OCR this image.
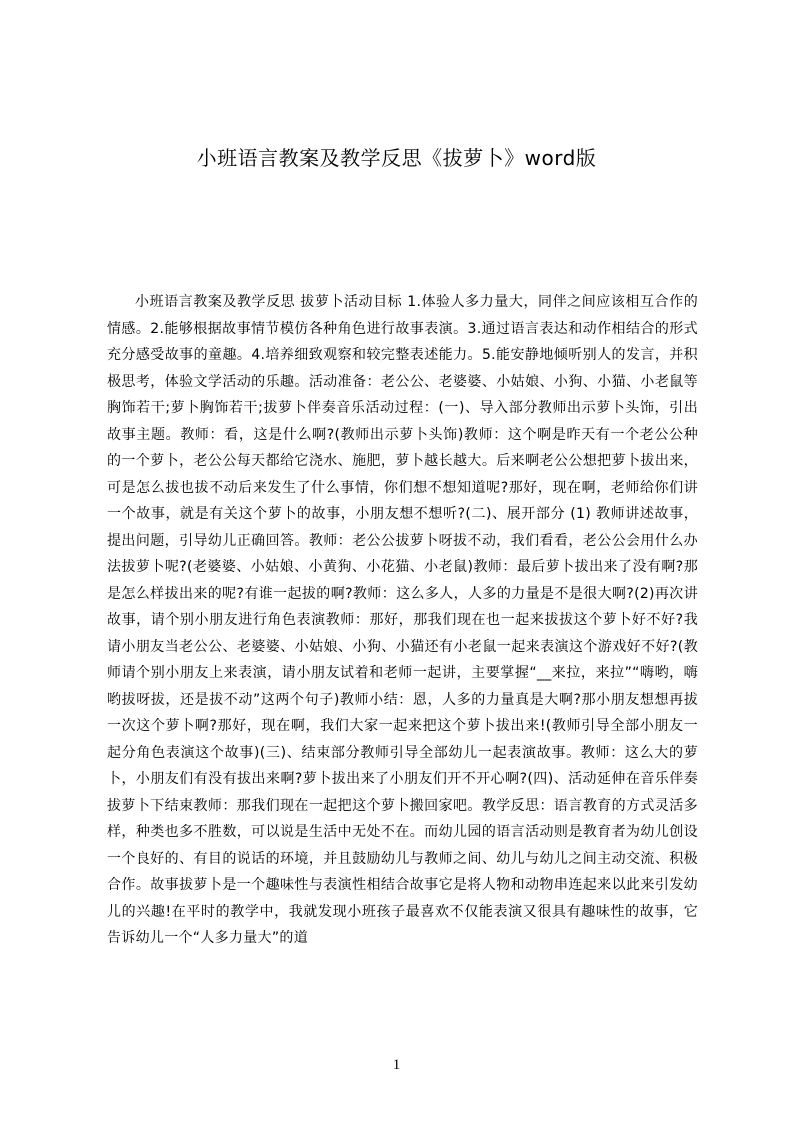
小班语言教案及教学反思《拔萝卜》word版

小班语言教案及教学反思 拔萝卜活动目标 1.体验人多力量大，同伴之间应该相互合作的情感。2.能够根据故事情节模仿各种角色进行故事表演。3.通过语言表达和动作相结合的形式充分感受故事的童趣。4.培养细致观察和较完整表述能力。5.能安静地倾听别人的发言，并积极思考，体验文学活动的乐趣。活动准备：老公公、老婆婆、小姑娘、小狗、小猫、小老鼠等胸饰若干;萝卜胸饰若干;拔萝卜伴奏音乐活动过程：(一)、导入部分教师出示萝卜头饰，引出故事主题。教师：看，这是什么啊?(教师出示萝卜头饰)教师：这个啊是昨天有一个老公公种的一个萝卜，老公公每天都给它浇水、施肥，萝卜越长越大。后来啊老公公想把萝卜拔出来，可是怎么拔也拔不动后来发生了什么事情，你们想不想知道呢?那好，现在啊，老师给你们讲一个故事，就是有关这个萝卜的故事，小朋友想不想听?(二)、展开部分 (1) 教师讲述故事，提出问题，引导幼儿正确回答。教师：老公公拔萝卜呀拔不动，我们看看，老公公会用什么办法拔萝卜呢?(老婆婆、小姑娘、小黄狗、小花猫、小老鼠)教师：最后萝卜拔出来了没有啊?那是怎么样拔出来的呢?有谁一起拔的啊?教师：这么多人，人多的力量是不是很大啊?(2)再次讲故事，请个别小朋友进行角色表演教师：那好，那我们现在也一起来拔拔这个萝卜好不好?我请小朋友当老公公、老婆婆、小姑娘、小狗、小猫还有小老鼠一起来表演这个游戏好不好?(教师请个别小朋友上来表演，请小朋友试着和老师一起讲，主要掌握“__来拉，来拉”“嗨哟，嗨哟拔呀拔，还是拔不动”这两个句子)教师小结：恩，人多的力量真是大啊?那小朋友想想再拔一次这个萝卜啊?那好，现在啊，我们大家一起来把这个萝卜拔出来!(教师引导全部小朋友一起分角色表演这个故事)(三)、结束部分教师引导全部幼儿一起表演故事。教师：这么大的萝卜，小朋友们有没有拔出来啊?萝卜拔出来了小朋友们开不开心啊?(四)、活动延伸在音乐伴奏拔萝卜下结束教师：那我们现在一起把这个萝卜搬回家吧。教学反思：语言教育的方式灵活多样，种类也多不胜数，可以说是生活中无处不在。而幼儿园的语言活动则是教育者为幼儿创设一个良好的、有目的说话的环境，并且鼓励幼儿与教师之间、幼儿与幼儿之间主动交流、积极合作。故事拔萝卜是一个趣味性与表演性相结合故事它是将人物和动物串连起来以此来引发幼儿的兴趣!在平时的教学中，我就发现小班孩子最喜欢不仅能表演又很具有趣味性的故事，它告诉幼儿一个“人多力量大”的道

1
